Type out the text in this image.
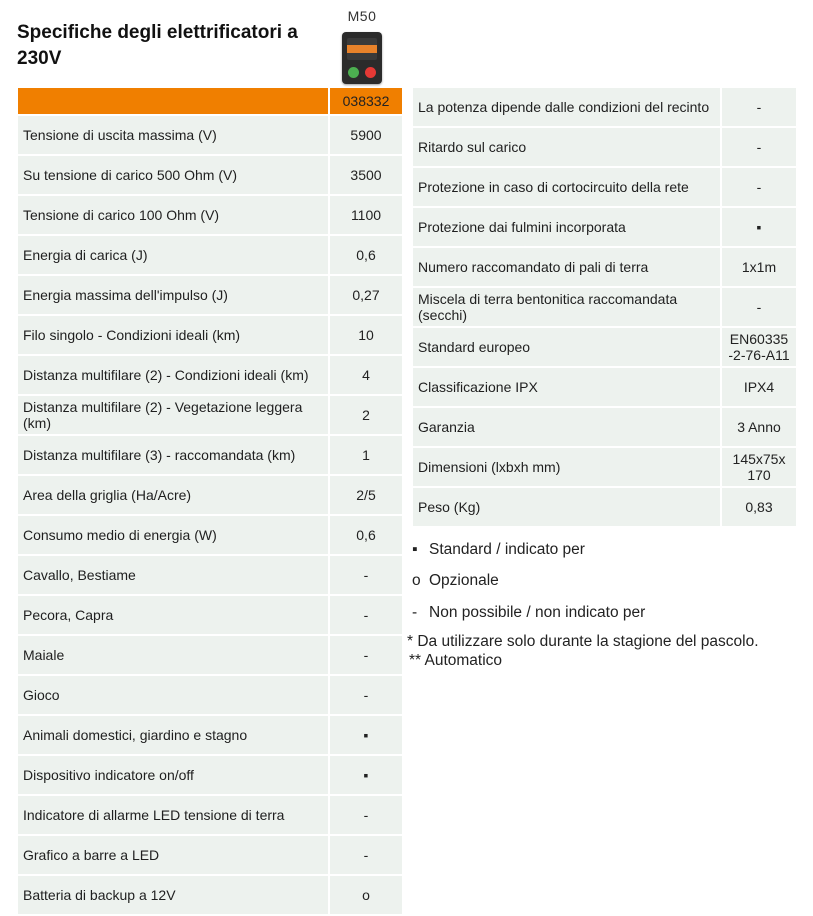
Specifiche degli elettrificatori a 230V
M50
	038332
Tensione di uscita massima (V)	5900
Su tensione di carico 500 Ohm (V)	3500
Tensione di carico 100 Ohm (V)	1100
Energia di carica (J)	0,6
Energia massima dell'impulso (J)	0,27
Filo singolo - Condizioni ideali (km)	10
Distanza multifilare (2) - Condizioni ideali (km)	4
Distanza multifilare (2) - Vegetazione leggera (km)	2
Distanza multifilare (3) - raccomandata (km)	1
Area della griglia (Ha/Acre)	2/5
Consumo medio di energia (W)	0,6
Cavallo, Bestiame	-
Pecora, Capra	-
Maiale	-
Gioco	-
Animali domestici, giardino e stagno	▪
Dispositivo indicatore on/off	▪
Indicatore di allarme LED tensione di terra	-
Grafico a barre a LED	-
Batteria di backup a 12V	o
La potenza dipende dalle condizioni del recinto	-
Ritardo sul carico	-
Protezione in caso di cortocircuito della rete	-
Protezione dai fulmini incorporata	▪
Numero raccomandato di pali di terra	1x1m
Miscela di terra bentonitica raccomandata (secchi)	-
Standard europeo	EN60335 -2-76-A11
Classificazione IPX	IPX4
Garanzia	3 Anno
Dimensioni (lxbxh mm)	145x75x 170
Peso (Kg)	0,83
▪ Standard / indicato per
o Opzionale
- Non possibile / non indicato per
* Da utilizzare solo durante la stagione del pascolo.
** Automatico
